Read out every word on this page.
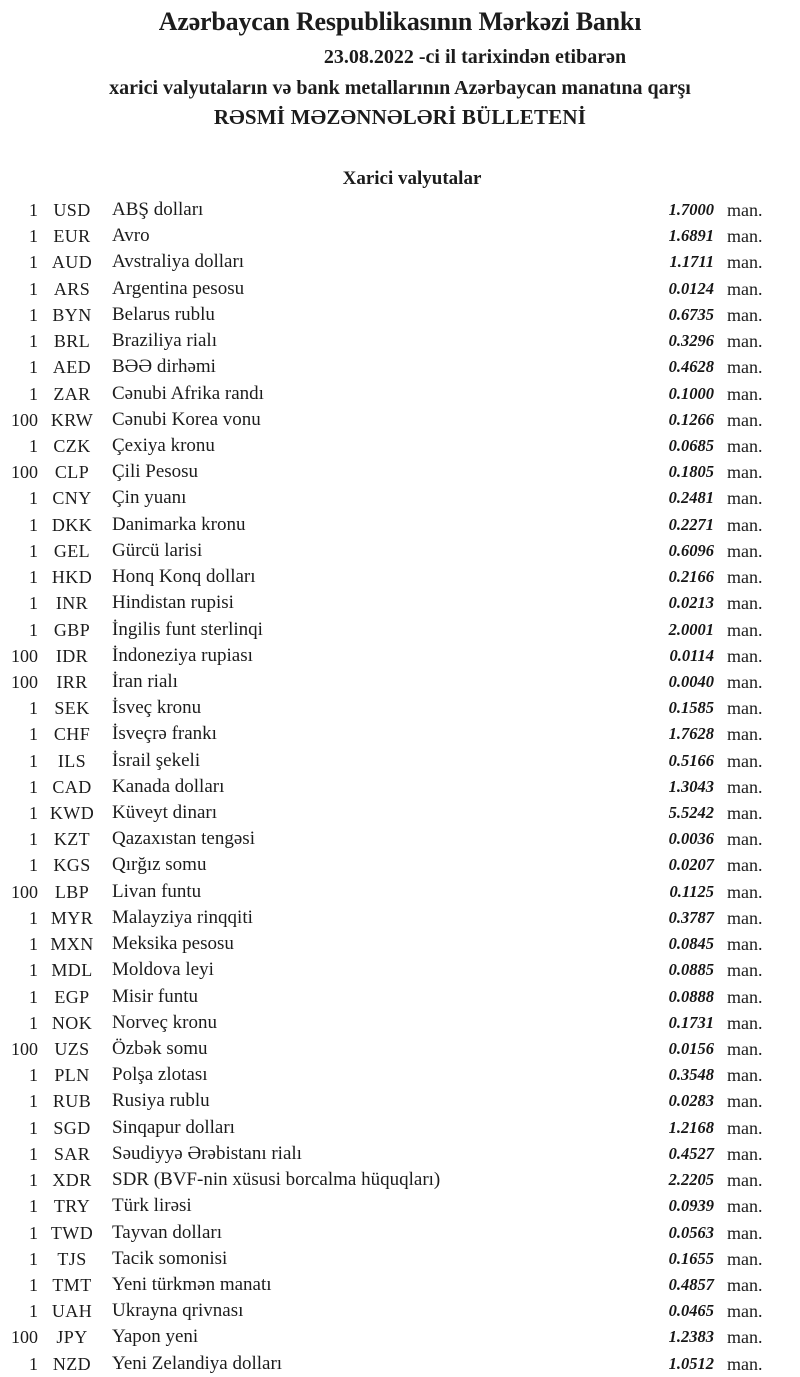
Azərbaycan Respublikasının Mərkəzi Bankı
23.08.2022 -ci il tarixindən etibarən
xarici valyutaların və bank metallarının Azərbaycan manatına qarşı
RƏSMİ MƏZƏNNƏLƏRİ BÜLLETENİ
Xarici valyutalar
1 USD	ABŞ dolları	1.7000 man.
1 EUR	Avro	1.6891 man.
1 AUD	Avstraliya dolları	1.1711 man.
1 ARS	Argentina pesosu	0.0124 man.
1 BYN	Belarus rublu	0.6735 man.
1 BRL	Braziliya rialı	0.3296 man.
1 AED	BƏƏ dirhəmi	0.4628 man.
1 ZAR	Cənubi Afrika randı	0.1000 man.
100 KRW Cənubi Korea vonu	0.1266 man.
1 CZK	Çexiya kronu	0.0685 man.
100 CLP	Çili Pesosu	0.1805 man.
1 CNY	Çin yuanı	0.2481 man.
1 DKK	Danimarka kronu	0.2271 man.
1 GEL	Gürcü larisi	0.6096 man.
1 HKD	Honq Konq dolları	0.2166 man.
1 INR	Hindistan rupisi	0.0213 man.
1 GBP	İngilis funt sterlinqi	2.0001 man.
100 IDR	İndoneziya rupiası	0.0114 man.
100	IRR	İran rialı	0.0040 man.
1 SEK	İsveç kronu	0.1585 man.
1 CHF	İsveçrə frankı	1.7628 man.
1	ILS	İsrail şekeli	0.5166 man.
1 CAD	Kanada dolları	1.3043 man.
1 KWD Küveyt dinarı	5.5242 man.
1 KZT	Qazaxıstan tengəsi	0.0036 man.
1 KGS	Qırğız somu	0.0207 man.
100 LBP	Livan funtu	0.1125 man.
1 MYR Malayziya rinqqiti	0.3787 man.
1 MXN Meksika pesosu	0.0845 man.
1 MDL	Moldova leyi	0.0885 man.
1 EGP	Misir funtu	0.0888 man.
1 NOK	Norveç kronu	0.1731 man.
100 UZS	Özbək somu	0.0156 man.
1 PLN	Polşa zlotası	0.3548 man.
1 RUB	Rusiya rublu	0.0283 man.
1 SGD	Sinqapur dolları	1.2168 man.
1 SAR	Səudiyyə Ərəbistanı rialı	0.4527 man.
1 XDR	SDR (BVF-nin xüsusi borcalma hüquqları)	2.2205 man.
1 TRY	Türk lirəsi	0.0939 man.
1 TWD Tayvan dolları	0.0563 man.
1	TJS	Tacik somonisi	0.1655 man.
1 TMT	Yeni türkmən manatı	0.4857 man.
1 UAH	Ukrayna qrivnası	0.0465 man.
100	JPY	Yapon yeni	1.2383 man.
1 NZD	Yeni Zelandiya dolları	1.0512 man.
